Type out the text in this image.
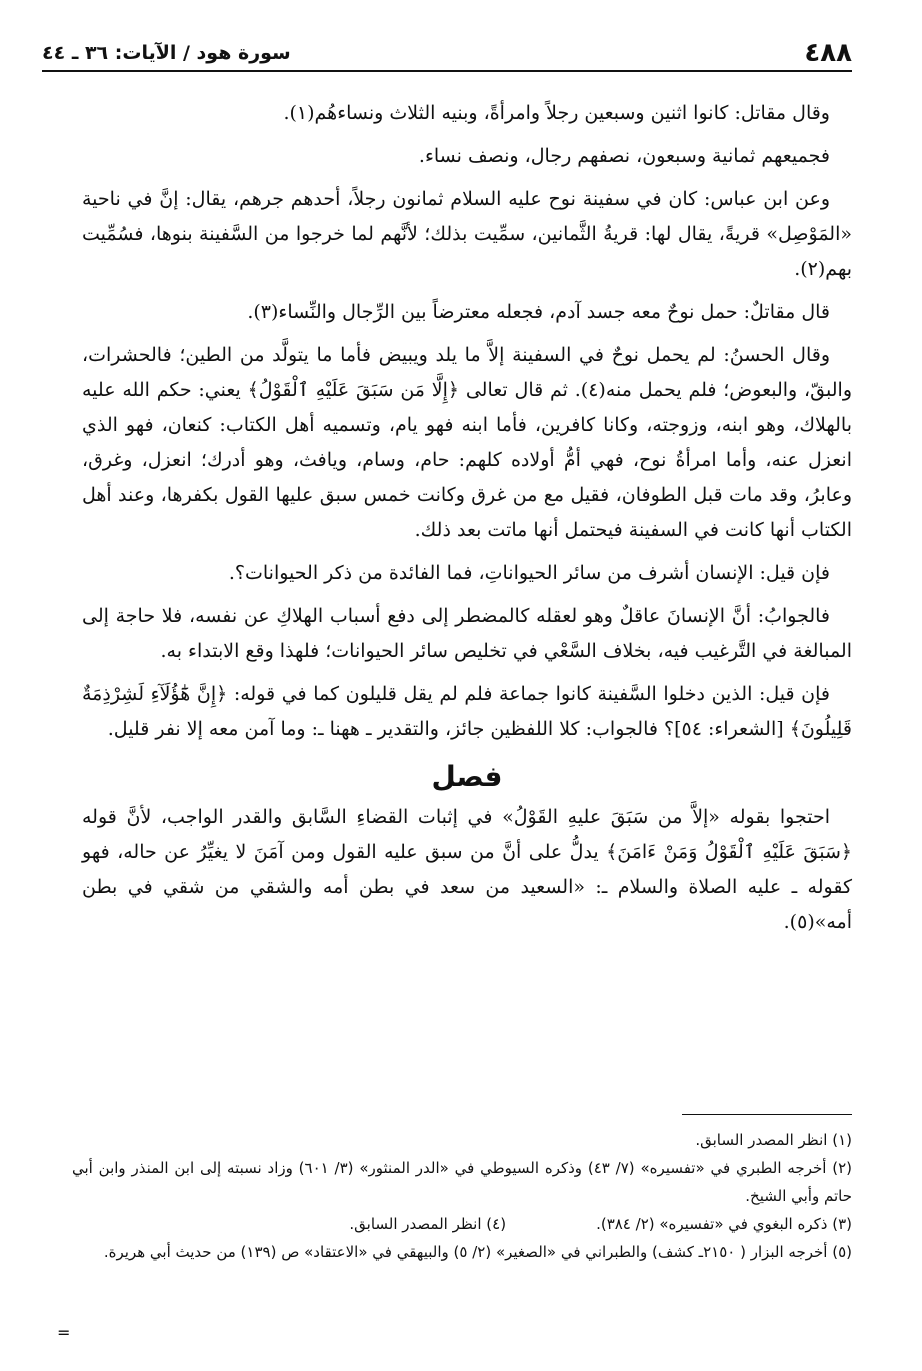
٤٨٨
سورة هود / الآيات: ٣٦ ـ ٤٤

وقال مقاتل: كانوا اثنين وسبعين رجلاً وامرأةً، وبنيه الثلاث ونساءهُم(١).

فجميعهم ثمانية وسبعون، نصفهم رجال، ونصف نساء.

وعن ابن عباس: كان في سفينة نوح عليه السلام ثمانون رجلاً، أحدهم جرهم، يقال: إنَّ في ناحية «المَوْصِل» قريةً، يقال لها: قريةُ الثَّمانين، سمِّيت بذلك؛ لأنَّهم لما خرجوا من السَّفينة بنوها، فسُمِّيت بهم(٢).

قال مقاتلٌ: حمل نوحٌ معه جسد آدم، فجعله معترضاً بين الرِّجال والنِّساء(٣).

وقال الحسنُ: لم يحمل نوحٌ في السفينة إلاَّ ما يلد ويبيض فأما ما يتولَّد من الطين؛ فالحشرات، والبقّ، والبعوض؛ فلم يحمل منه(٤). ثم قال تعالى ﴿إِلَّا مَن سَبَقَ عَلَيْهِ ٱلْقَوْلُ﴾ يعني: حكم الله عليه بالهلاك، وهو ابنه، وزوجته، وكانا كافرين، فأما ابنه فهو يام، وتسميه أهل الكتاب: كنعان، فهو الذي انعزل عنه، وأما امرأةُ نوح، فهي أمُّ أولاده كلهم: حام، وسام، ويافث، وهو أدرك؛ انعزل، وغرق، وعابرُ، وقد مات قبل الطوفان، فقيل مع من غرق وكانت خمس سبق عليها القول بكفرها، وعند أهل الكتاب أنها كانت في السفينة فيحتمل أنها ماتت بعد ذلك.

فإن قيل: الإنسان أشرف من سائر الحيواناتِ، فما الفائدة من ذكر الحيوانات؟.

فالجوابُ: أنَّ الإنسانَ عاقلٌ وهو لعقله كالمضطر إلى دفع أسباب الهلاكِ عن نفسه، فلا حاجة إلى المبالغة في التَّرغيب فيه، بخلاف السَّعْي في تخليص سائر الحيوانات؛ فلهذا وقع الابتداء به.

فإن قيل: الذين دخلوا السَّفينة كانوا جماعة فلم لم يقل قليلون كما في قوله: ﴿إِنَّ هَٰٓؤُلَآءِ لَشِرْذِمَةٌ قَلِيلُونَ﴾ [الشعراء: ٥٤]؟ فالجواب: كلا اللفظين جائز، والتقدير ـ ههنا ـ: وما آمن معه إلا نفر قليل.

فصل

احتجوا بقوله «إلاَّ من سَبَقَ عليهِ القَوْلُ» في إثبات القضاءِ السَّابق والقدر الواجب، لأنَّ قوله ﴿سَبَقَ عَلَيْهِ ٱلْقَوْلُ وَمَنْ ءَامَنَ﴾ يدلُّ على أنَّ من سبق عليه القول ومن آمَنَ لا يغيِّرُ عن حاله، فهو كقوله ـ عليه الصلاة والسلام ـ: «السعيد من سعد في بطن أمه والشقي من شقي في بطن أمه»(٥).

(١) انظر المصدر السابق.

(٢) أخرجه الطبري في «تفسيره» (٧/ ٤٣) وذكره السيوطي في «الدر المنثور» (٣/ ٦٠١) وزاد نسبته إلى ابن المنذر وابن أبي حاتم وأبي الشيخ.

(٣) ذكره البغوي في «تفسيره» (٢/ ٣٨٤).
(٤) انظر المصدر السابق.

(٥) أخرجه البزار ( ٢١٥٠ـ كشف) والطبراني في «الصغير» (٢/ ٥) والبيهقي في «الاعتقاد» ص (١٣٩) من حديث أبي هريرة.

=
